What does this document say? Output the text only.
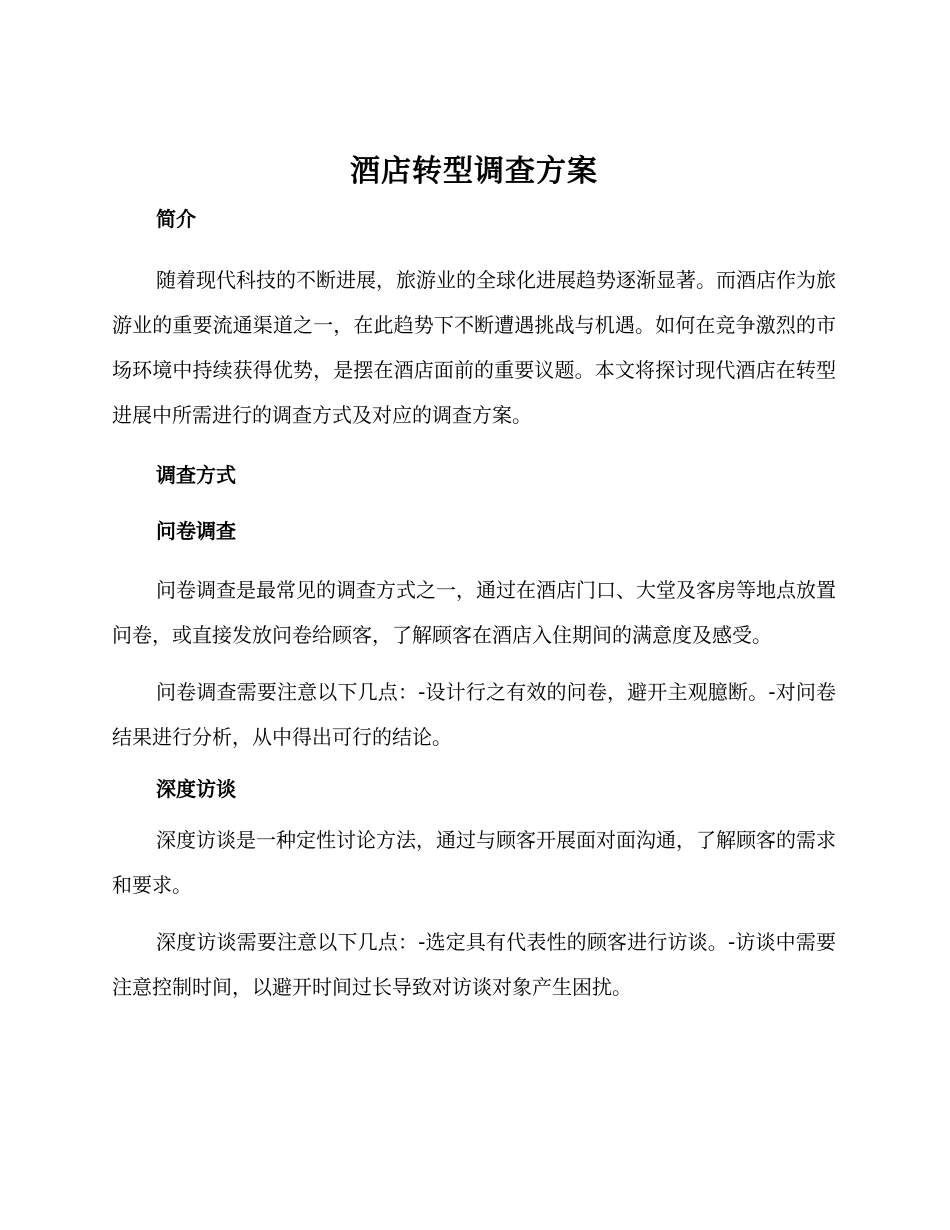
酒店转型调查方案
简介

随着现代科技的不断进展，旅游业的全球化进展趋势逐渐显著。而酒店作为旅游业的重要流通渠道之一，在此趋势下不断遭遇挑战与机遇。如何在竞争激烈的市场环境中持续获得优势，是摆在酒店面前的重要议题。本文将探讨现代酒店在转型进展中所需进行的调查方式及对应的调查方案。

调查方式
问卷调查

问卷调查是最常见的调查方式之一，通过在酒店门口、大堂及客房等地点放置问卷，或直接发放问卷给顾客，了解顾客在酒店入住期间的满意度及感受。

问卷调查需要注意以下几点：‐设计行之有效的问卷，避开主观臆断。‐对问卷结果进行分析，从中得出可行的结论。

深度访谈

深度访谈是一种定性讨论方法，通过与顾客开展面对面沟通，了解顾客的需求和要求。

深度访谈需要注意以下几点：‐选定具有代表性的顾客进行访谈。‐访谈中需要注意控制时间，以避开时间过长导致对访谈对象产生困扰。
